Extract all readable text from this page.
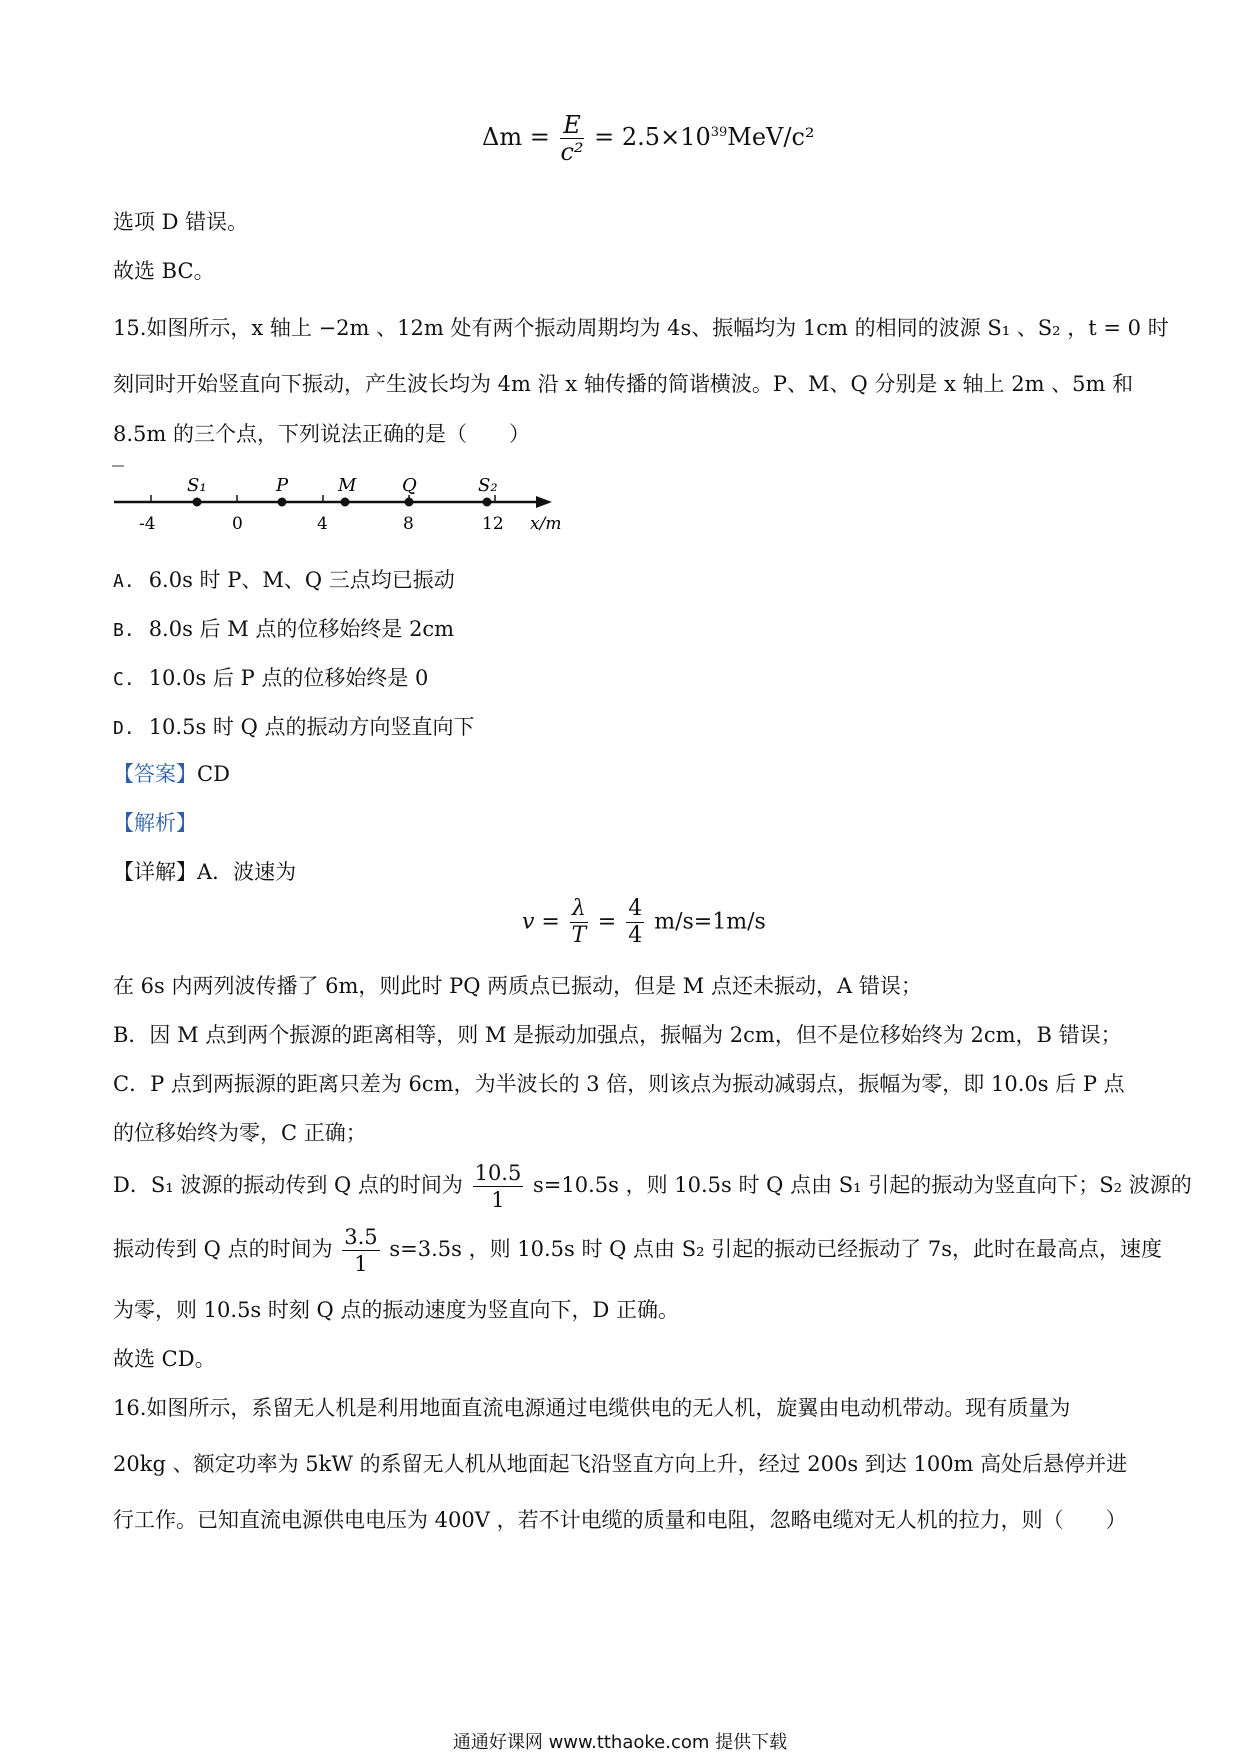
$\Delta m = \frac{E}{\text{c²}} = 2.5\times 10^{39}MeV/c^2$
选项 D 错误。
故选 BC。
15.如图所示，x 轴上 −2m 、12m 处有两个振动周期均为 4s、振幅均为 1cm 的相同的波源 S₁ 、S₂ ，t = 0 时
刻同时开始竖直向下振动，产生波长均为 4m 沿 x 轴传播的简谐横波。P、M、Q 分别是 x 轴上 2m 、5m 和
8.5m 的三个点，下列说法正确的是（　　）
S₁	P	M	Q	S₂
-4	0	4	8	12 x/m
A. 6.0s 时 P、M、Q 三点均已振动
B. 8.0s 后 M 点的位移始终是 2cm
C. 10.0s 后 P 点的位移始终是 0
D. 10.5s 时 Q 点的振动方向竖直向下
【答案】CD
【解析】
【详解】A．波速为
$v = \frac{\lambda}{T} = \frac{4}{4} m/s=1m/s$
在 6s 内两列波传播了 6m，则此时 PQ 两质点已振动，但是 M 点还未振动，A 错误；
B．因 M 点到两个振源的距离相等，则 M 是振动加强点，振幅为 2cm，但不是位移始终为 2cm，B 错误；
C．P 点到两振源的距离只差为 6cm，为半波长的 3 倍，则该点为振动减弱点，振幅为零，即 10.0s 后 P 点
的位移始终为零，C 正确；
D．S₁ 波源的振动传到 Q 点的时间为 $\frac{10.5}{1} s=10.5s$ ，则 10.5s 时 Q 点由 S₁ 引起的振动为竖直向下；S₂ 波源的
振动传到 Q 点的时间为 $\frac{3.5}{1} s=3.5s$ ，则 10.5s 时 Q 点由 S₂ 引起的振动已经振动了 7s，此时在最高点，速度
为零，则 10.5s 时刻 Q 点的振动速度为竖直向下，D 正确。
故选 CD。
16.如图所示，系留无人机是利用地面直流电源通过电缆供电的无人机，旋翼由电动机带动。现有质量为
20kg 、额定功率为 5kW 的系留无人机从地面起飞沿竖直方向上升，经过 200s 到达 100m 高处后悬停并进
行工作。已知直流电源供电电压为 400V ，若不计电缆的质量和电阻，忽略电缆对无人机的拉力，则（　　）
通通好课网 www.tthaoke.com 提供下载
